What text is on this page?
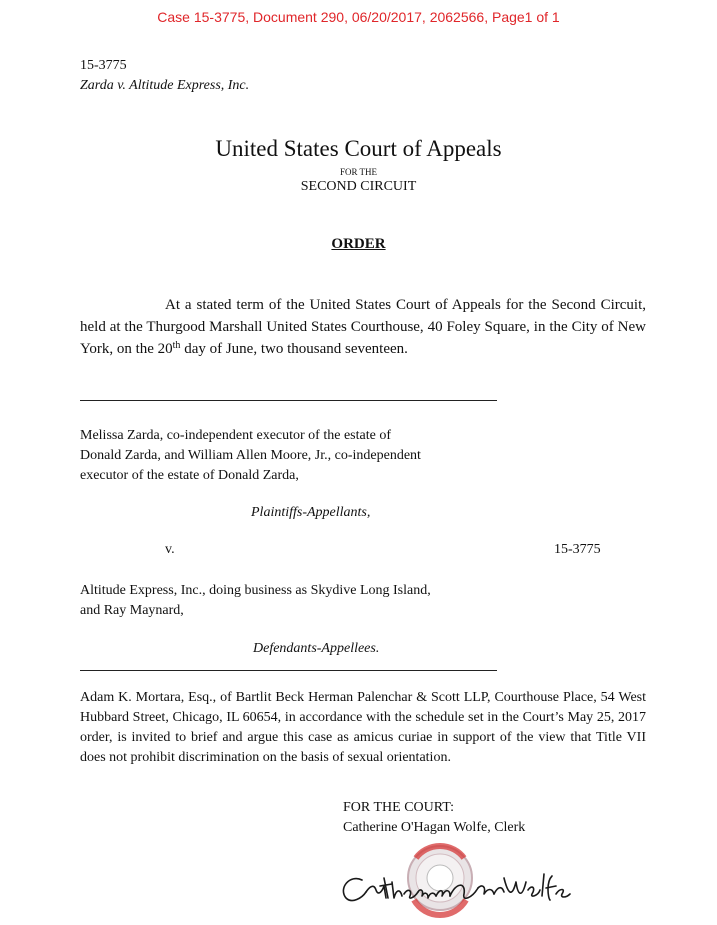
Case 15-3775, Document 290, 06/20/2017, 2062566, Page1 of 1
15-3775
Zarda v. Altitude Express, Inc.
United States Court of Appeals
FOR THE
SECOND CIRCUIT
ORDER
At a stated term of the United States Court of Appeals for the Second Circuit, held at the Thurgood Marshall United States Courthouse, 40 Foley Square, in the City of New York, on the 20th day of June, two thousand seventeen.
Melissa Zarda, co-independent executor of the estate of
Donald Zarda, and William Allen Moore, Jr., co-independent
executor of the estate of Donald Zarda,
Plaintiffs-Appellants,
v.	15-3775
Altitude Express, Inc., doing business as Skydive Long Island,
and Ray Maynard,
Defendants-Appellees.
Adam K. Mortara, Esq., of Bartlit Beck Herman Palenchar & Scott LLP, Courthouse Place, 54 West Hubbard Street, Chicago, IL 60654, in accordance with the schedule set in the Court’s May 25, 2017 order, is invited to brief and argue this case as amicus curiae in support of the view that Title VII does not prohibit discrimination on the basis of sexual orientation.
FOR THE COURT:
Catherine O'Hagan Wolfe, Clerk
